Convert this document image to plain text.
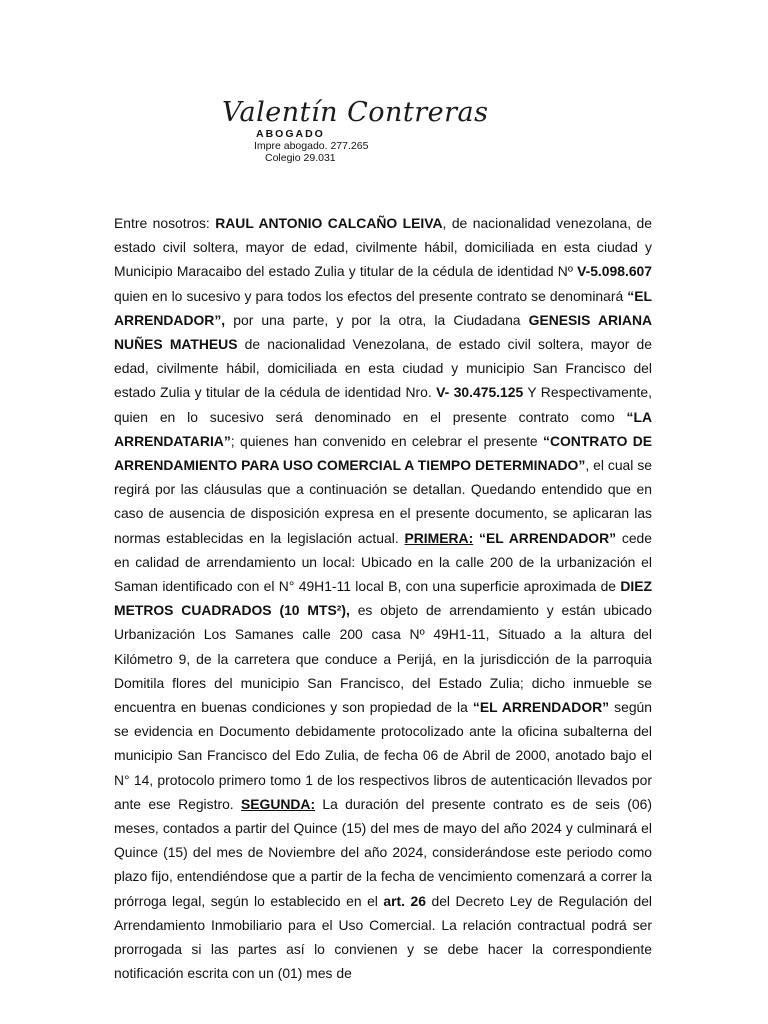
Valentín Contreras

ABOGADO

Impre abogado. 277.265

Colegio 29.031

Entre nosotros: RAUL ANTONIO CALCAÑO LEIVA, de nacionalidad venezolana, de estado civil soltera, mayor de edad, civilmente hábil, domiciliada en esta ciudad y Municipio Maracaibo del estado Zulia y titular de la cédula de identidad Nº V-5.098.607 quien en lo sucesivo y para todos los efectos del presente contrato se denominará “EL ARRENDADOR”, por una parte, y por la otra, la Ciudadana GENESIS ARIANA NUÑES MATHEUS de nacionalidad Venezolana, de estado civil soltera, mayor de edad, civilmente hábil, domiciliada en esta ciudad y municipio San Francisco del estado Zulia y titular de la cédula de identidad Nro. V- 30.475.125 Y Respectivamente, quien en lo sucesivo será denominado en el presente contrato como “LA ARRENDATARIA”; quienes han convenido en celebrar el presente “CONTRATO DE ARRENDAMIENTO PARA USO COMERCIAL A TIEMPO DETERMINADO”, el cual se regirá por las cláusulas que a continuación se detallan. Quedando entendido que en caso de ausencia de disposición expresa en el presente documento, se aplicaran las normas establecidas en la legislación actual. PRIMERA: “EL ARRENDADOR” cede en calidad de arrendamiento un local: Ubicado en la calle 200 de la urbanización el Saman identificado con el N° 49H1-11 local B, con una superficie aproximada de DIEZ METROS CUADRADOS (10 MTS²), es objeto de arrendamiento y están ubicado Urbanización Los Samanes calle 200 casa Nº 49H1-11, Situado a la altura del Kilómetro 9, de la carretera que conduce a Perijá, en la jurisdicción de la parroquia Domitila flores del municipio San Francisco, del Estado Zulia; dicho inmueble se encuentra en buenas condiciones y son propiedad de la “EL ARRENDADOR” según se evidencia en Documento debidamente protocolizado ante la oficina subalterna del municipio San Francisco del Edo Zulia, de fecha 06 de Abril de 2000, anotado bajo el N° 14, protocolo primero tomo 1 de los respectivos libros de autenticación llevados por ante ese Registro. SEGUNDA: La duración del presente contrato es de seis (06) meses, contados a partir del Quince (15) del mes de mayo del año 2024 y culminará el Quince (15) del mes de Noviembre del año 2024, considerándose este periodo como plazo fijo, entendiéndose que a partir de la fecha de vencimiento comenzará a correr la prórroga legal, según lo establecido en el art. 26 del Decreto Ley de Regulación del Arrendamiento Inmobiliario para el Uso Comercial. La relación contractual podrá ser prorrogada si las partes así lo convienen y se debe hacer la correspondiente notificación escrita con un (01) mes de
